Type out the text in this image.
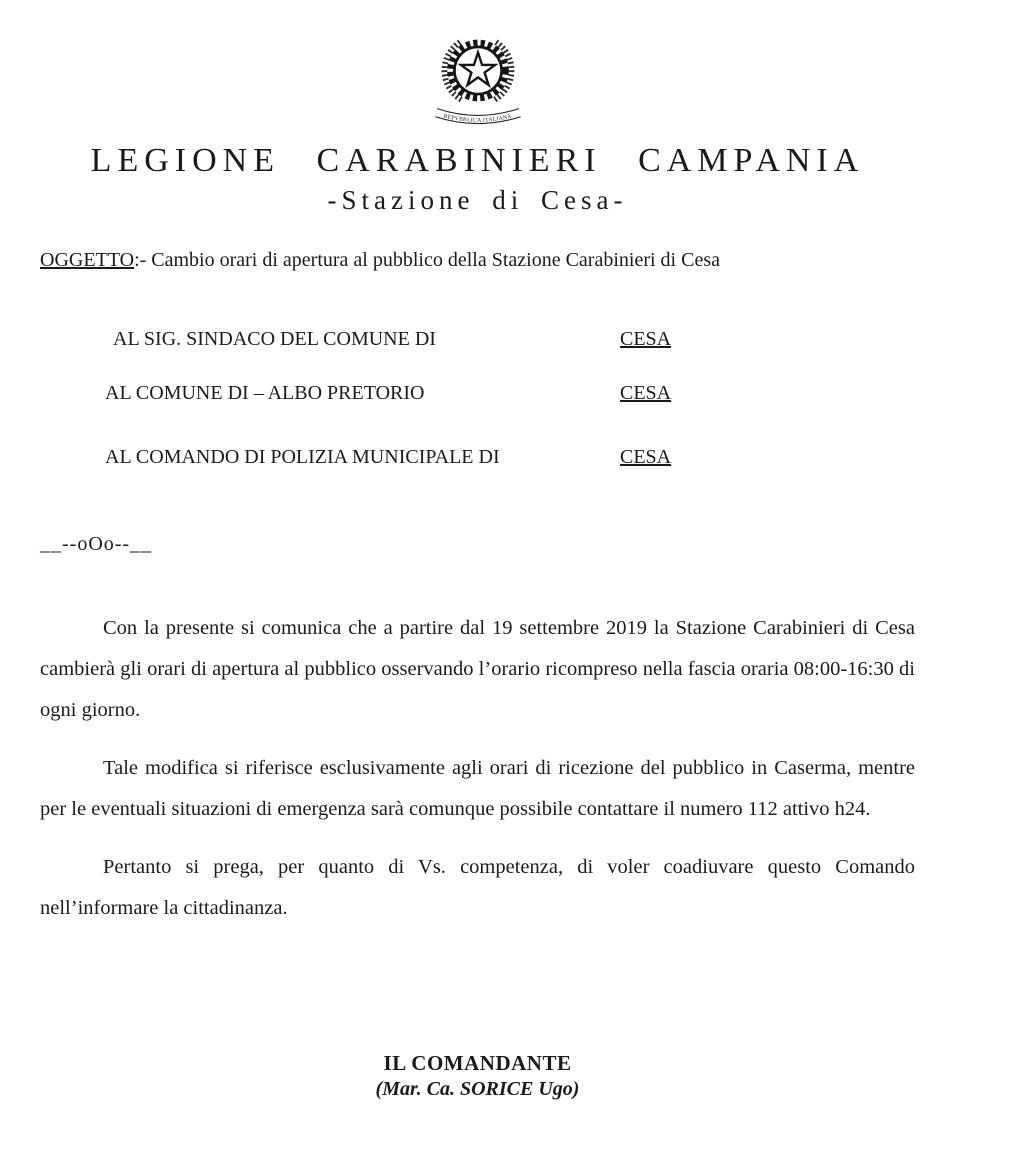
REPVBBLICA ITALIANA
LEGIONE CARABINIERI CAMPANIA
-Stazione di Cesa-

OGGETTO:- Cambio orari di apertura al pubblico della Stazione Carabinieri di Cesa

AL SIG. SINDACO DEL COMUNE DI	CESA
AL COMUNE DI – ALBO PRETORIO	CESA
AL COMANDO DI POLIZIA MUNICIPALE DI	CESA

__--oOo--__

Con la presente si comunica che a partire dal 19 settembre 2019 la Stazione Carabinieri di Cesa cambierà gli orari di apertura al pubblico osservando l’orario ricompreso nella fascia oraria 08:00-16:30 di ogni giorno.

Tale modifica si riferisce esclusivamente agli orari di ricezione del pubblico in Caserma, mentre per le eventuali situazioni di emergenza sarà comunque possibile contattare il numero 112 attivo h24.

Pertanto si prega, per quanto di Vs. competenza, di voler coadiuvare questo Comando nell’informare la cittadinanza.

IL COMANDANTE

(Mar. Ca. SORICE Ugo)
